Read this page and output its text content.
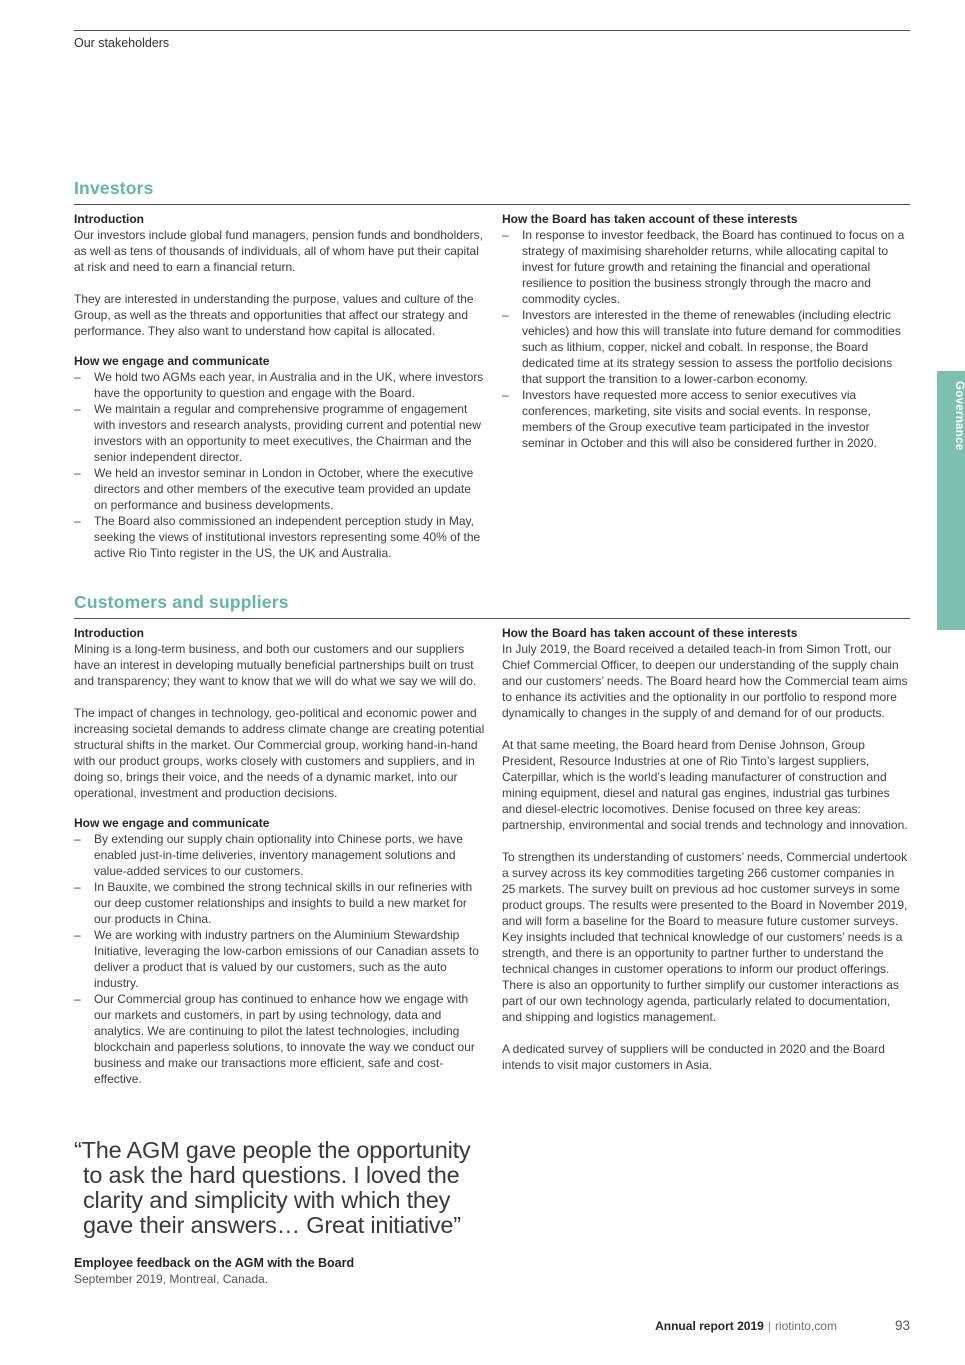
Our stakeholders
Investors
Introduction

Our investors include global fund managers, pension funds and bondholders, as well as tens of thousands of individuals, all of whom have put their capital at risk and need to earn a financial return.

They are interested in understanding the purpose, values and culture of the Group, as well as the threats and opportunities that affect our strategy and performance. They also want to understand how capital is allocated.

How we engage and communicate
– We hold two AGMs each year, in Australia and in the UK, where investors have the opportunity to question and engage with the Board.
– We maintain a regular and comprehensive programme of engagement with investors and research analysts, providing current and potential new investors with an opportunity to meet executives, the Chairman and the senior independent director.
– We held an investor seminar in London in October, where the executive directors and other members of the executive team provided an update on performance and business developments.
– The Board also commissioned an independent perception study in May, seeking the views of institutional investors representing some 40% of the active Rio Tinto register in the US, the UK and Australia.
How the Board has taken account of these interests
– In response to investor feedback, the Board has continued to focus on a strategy of maximising shareholder returns, while allocating capital to invest for future growth and retaining the financial and operational resilience to position the business strongly through the macro and commodity cycles.
– Investors are interested in the theme of renewables (including electric vehicles) and how this will translate into future demand for commodities such as lithium, copper, nickel and cobalt. In response, the Board dedicated time at its strategy session to assess the portfolio decisions that support the transition to a lower-carbon economy.
– Investors have requested more access to senior executives via conferences, marketing, site visits and social events. In response, members of the Group executive team participated in the investor seminar in October and this will also be considered further in 2020.
Customers and suppliers
Introduction

Mining is a long-term business, and both our customers and our suppliers have an interest in developing mutually beneficial partnerships built on trust and transparency; they want to know that we will do what we say we will do.

The impact of changes in technology, geo-political and economic power and increasing societal demands to address climate change are creating potential structural shifts in the market. Our Commercial group, working hand-in-hand with our product groups, works closely with customers and suppliers, and in doing so, brings their voice, and the needs of a dynamic market, into our operational, investment and production decisions.

How we engage and communicate
– By extending our supply chain optionality into Chinese ports, we have enabled just-in-time deliveries, inventory management solutions and value-added services to our customers.
– In Bauxite, we combined the strong technical skills in our refineries with our deep customer relationships and insights to build a new market for our products in China.
– We are working with industry partners on the Aluminium Stewardship Initiative, leveraging the low-carbon emissions of our Canadian assets to deliver a product that is valued by our customers, such as the auto industry.
– Our Commercial group has continued to enhance how we engage with our markets and customers, in part by using technology, data and analytics. We are continuing to pilot the latest technologies, including blockchain and paperless solutions, to innovate the way we conduct our business and make our transactions more efficient, safe and cost-effective.
How the Board has taken account of these interests

In July 2019, the Board received a detailed teach-in from Simon Trott, our Chief Commercial Officer, to deepen our understanding of the supply chain and our customers’ needs. The Board heard how the Commercial team aims to enhance its activities and the optionality in our portfolio to respond more dynamically to changes in the supply of and demand for of our products.

At that same meeting, the Board heard from Denise Johnson, Group President, Resource Industries at one of Rio Tinto’s largest suppliers, Caterpillar, which is the world’s leading manufacturer of construction and mining equipment, diesel and natural gas engines, industrial gas turbines and diesel-electric locomotives. Denise focused on three key areas: partnership, environmental and social trends and technology and innovation.

To strengthen its understanding of customers’ needs, Commercial undertook a survey across its key commodities targeting 266 customer companies in 25 markets. The survey built on previous ad hoc customer surveys in some product groups. The results were presented to the Board in November 2019, and will form a baseline for the Board to measure future customer surveys. Key insights included that technical knowledge of our customers’ needs is a strength, and there is an opportunity to partner further to understand the technical changes in customer operations to inform our product offerings. There is also an opportunity to further simplify our customer interactions as part of our own technology agenda, particularly related to documentation, and shipping and logistics management.

A dedicated survey of suppliers will be conducted in 2020 and the Board intends to visit major customers in Asia.

“The AGM gave people the opportunity
to ask the hard questions. I loved the
clarity and simplicity with which they
gave their answers… Great initiative”
Employee feedback on the AGM with the Board
September 2019, Montreal, Canada.
Annual report 2019 | riotinto.com	93
Governance
